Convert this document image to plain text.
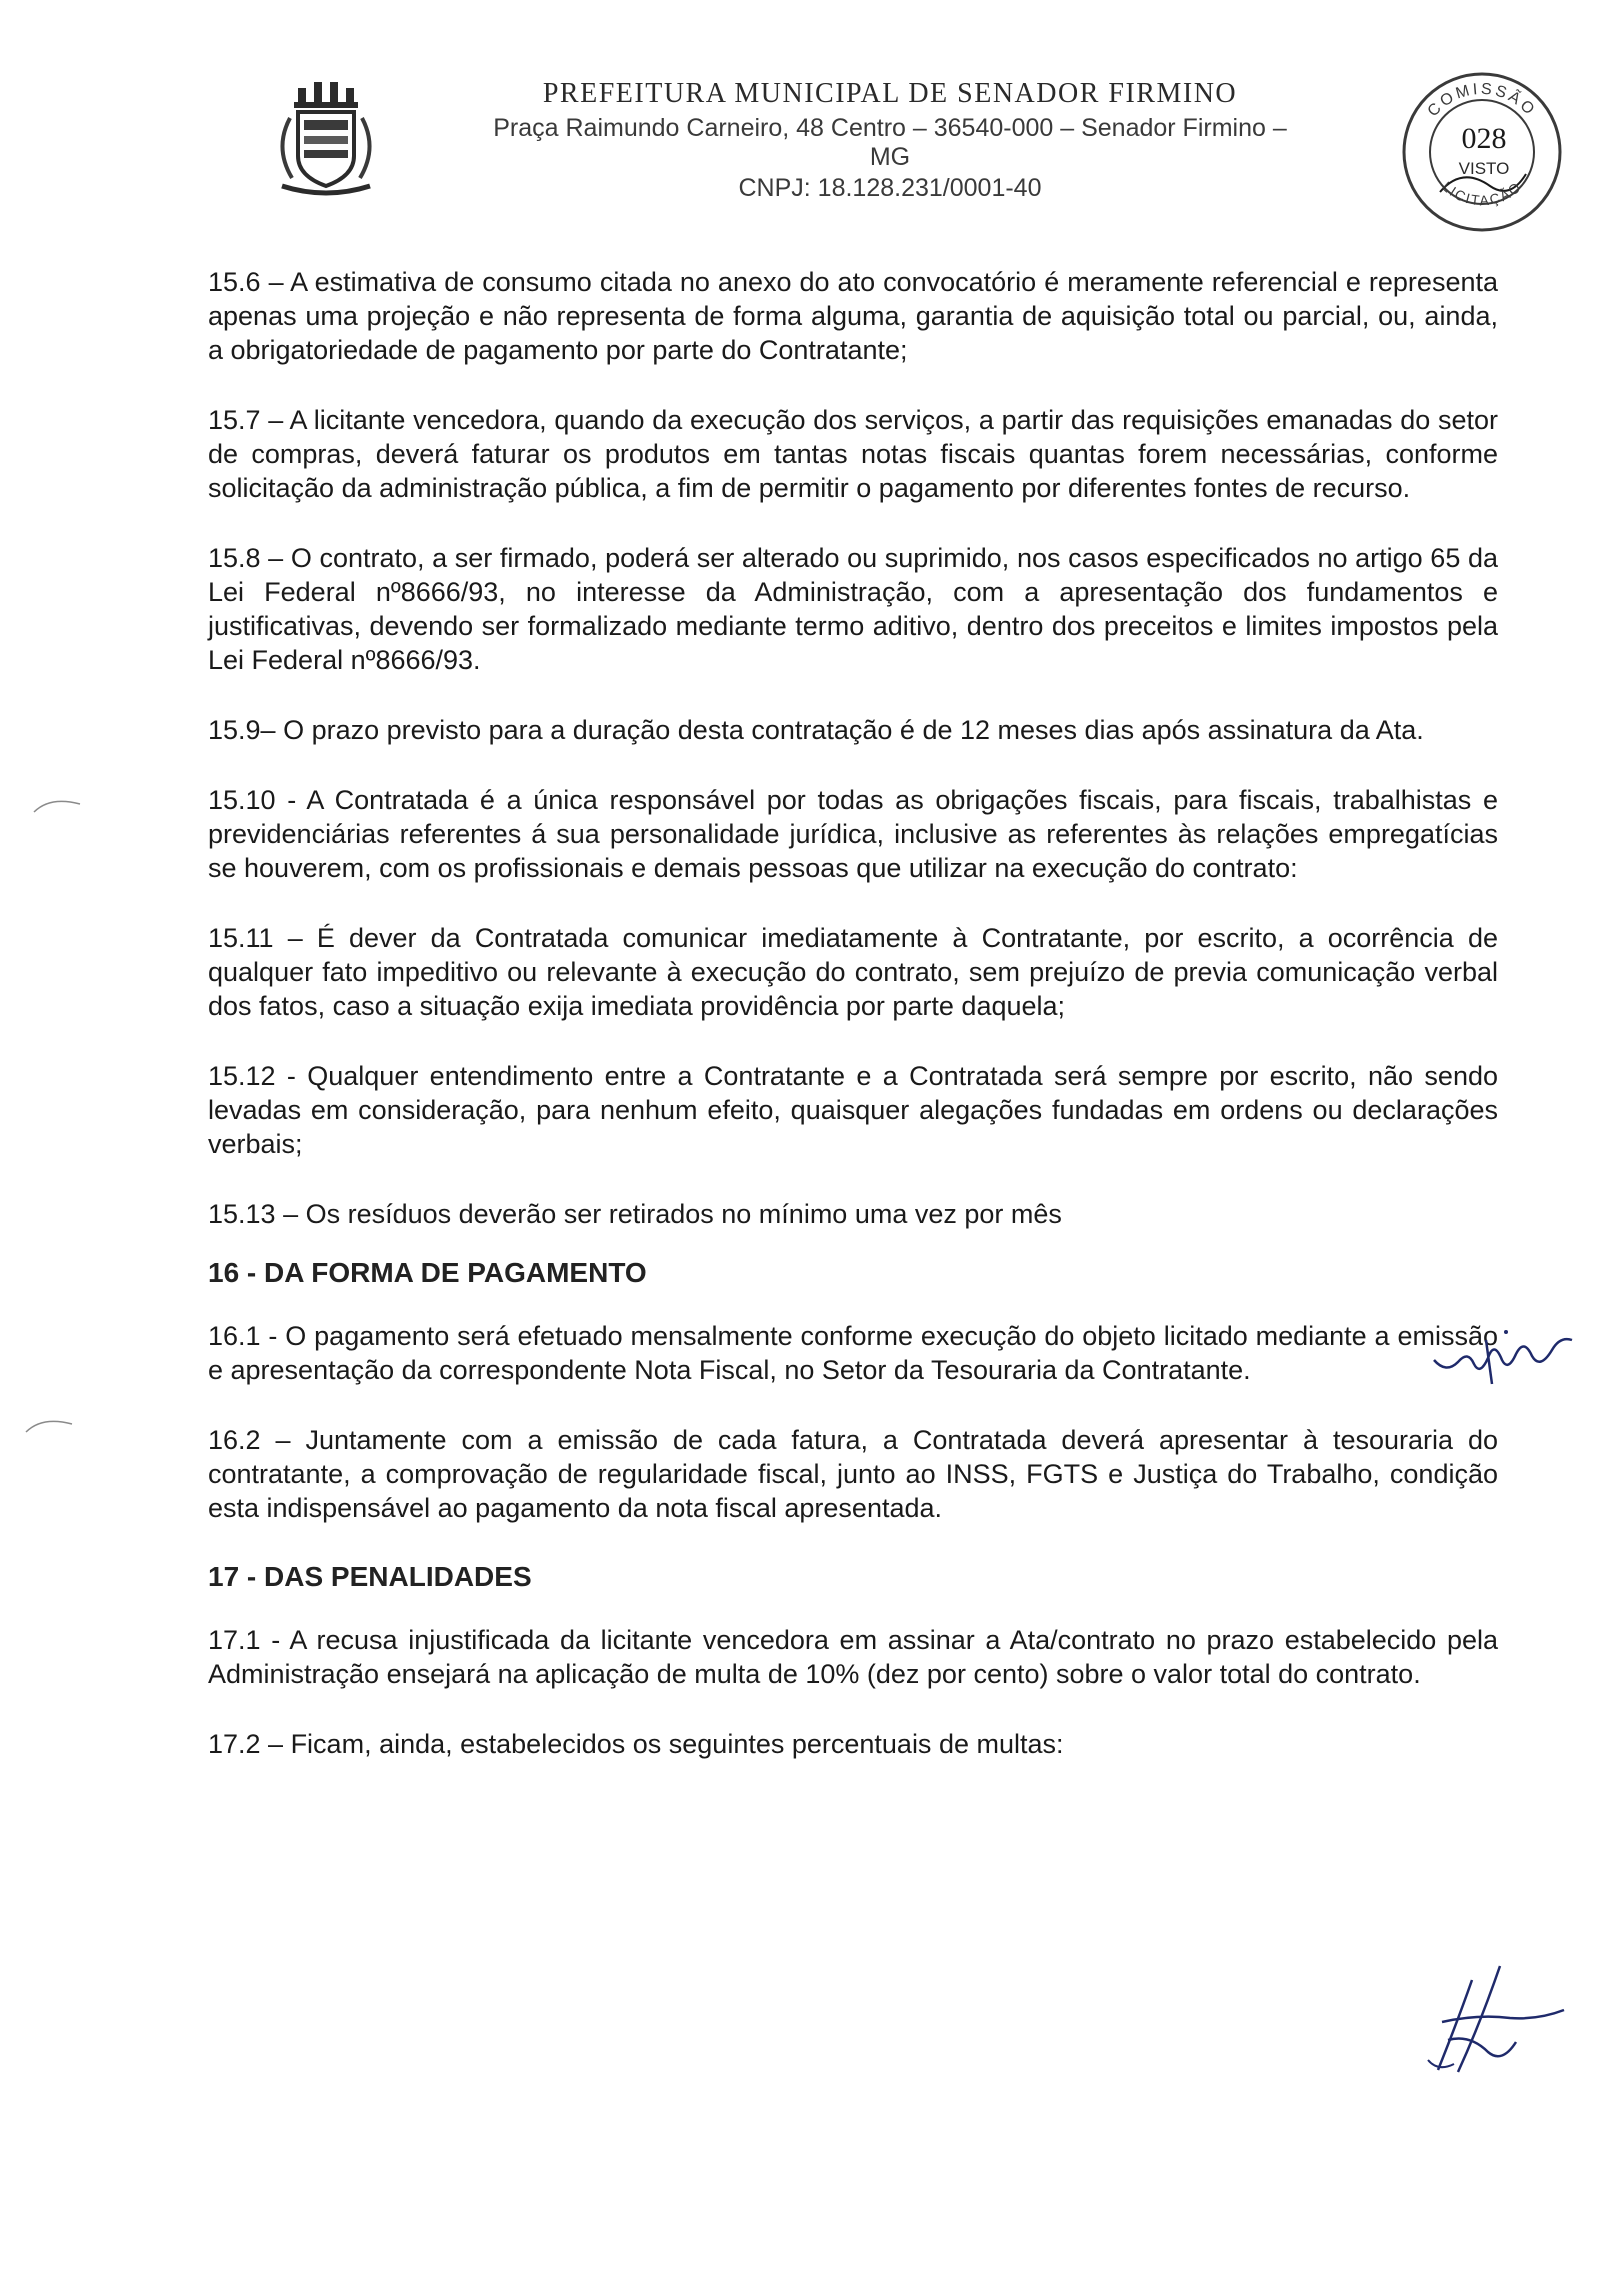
PREFEITURA MUNICIPAL DE SENADOR FIRMINO
Praça Raimundo Carneiro, 48 Centro – 36540-000 – Senador Firmino – MG
CNPJ: 18.128.231/0001-40
COMISSÃO
028
VISTO
LICITAÇÃO

15.6 – A estimativa de consumo citada no anexo do ato convocatório é meramente referencial e representa apenas uma projeção e não representa de forma alguma, garantia de aquisição total ou parcial, ou, ainda, a obrigatoriedade de pagamento por parte do Contratante;

15.7 – A licitante vencedora, quando da execução dos serviços, a partir das requisições emanadas do setor de compras, deverá faturar os produtos em tantas notas fiscais quantas forem necessárias, conforme solicitação da administração pública, a fim de permitir o pagamento por diferentes fontes de recurso.

15.8 – O contrato, a ser firmado, poderá ser alterado ou suprimido, nos casos especificados no artigo 65 da Lei Federal nº8666/93, no interesse da Administração, com a apresentação dos fundamentos e justificativas, devendo ser formalizado mediante termo aditivo, dentro dos preceitos e limites impostos pela Lei Federal nº8666/93.

15.9– O prazo previsto para a duração desta contratação é de 12 meses dias após assinatura da Ata.

15.10 - A Contratada é a única responsável por todas as obrigações fiscais, para fiscais, trabalhistas e previdenciárias referentes á sua personalidade jurídica, inclusive as referentes às relações empregatícias se houverem, com os profissionais e demais pessoas que utilizar na execução do contrato:

15.11 – É dever da Contratada comunicar imediatamente à Contratante, por escrito, a ocorrência de qualquer fato impeditivo ou relevante à execução do contrato, sem prejuízo de previa comunicação verbal dos fatos, caso a situação exija imediata providência por parte daquela;

15.12 - Qualquer entendimento entre a Contratante e a Contratada será sempre por escrito, não sendo levadas em consideração, para nenhum efeito, quaisquer alegações fundadas em ordens ou declarações verbais;

15.13 – Os resíduos deverão ser retirados no mínimo uma vez por mês

16 - DA FORMA DE PAGAMENTO

16.1 - O pagamento será efetuado mensalmente conforme execução do objeto licitado mediante a emissão e apresentação da correspondente Nota Fiscal, no Setor da Tesouraria da Contratante.

16.2 – Juntamente com a emissão de cada fatura, a Contratada deverá apresentar à tesouraria do contratante, a comprovação de regularidade fiscal, junto ao INSS, FGTS e Justiça do Trabalho, condição esta indispensável ao pagamento da nota fiscal apresentada.

17 - DAS PENALIDADES

17.1 - A recusa injustificada da licitante vencedora em assinar a Ata/contrato no prazo estabelecido pela Administração ensejará na aplicação de multa de 10% (dez por cento) sobre o valor total do contrato.

17.2 – Ficam, ainda, estabelecidos os seguintes percentuais de multas:
